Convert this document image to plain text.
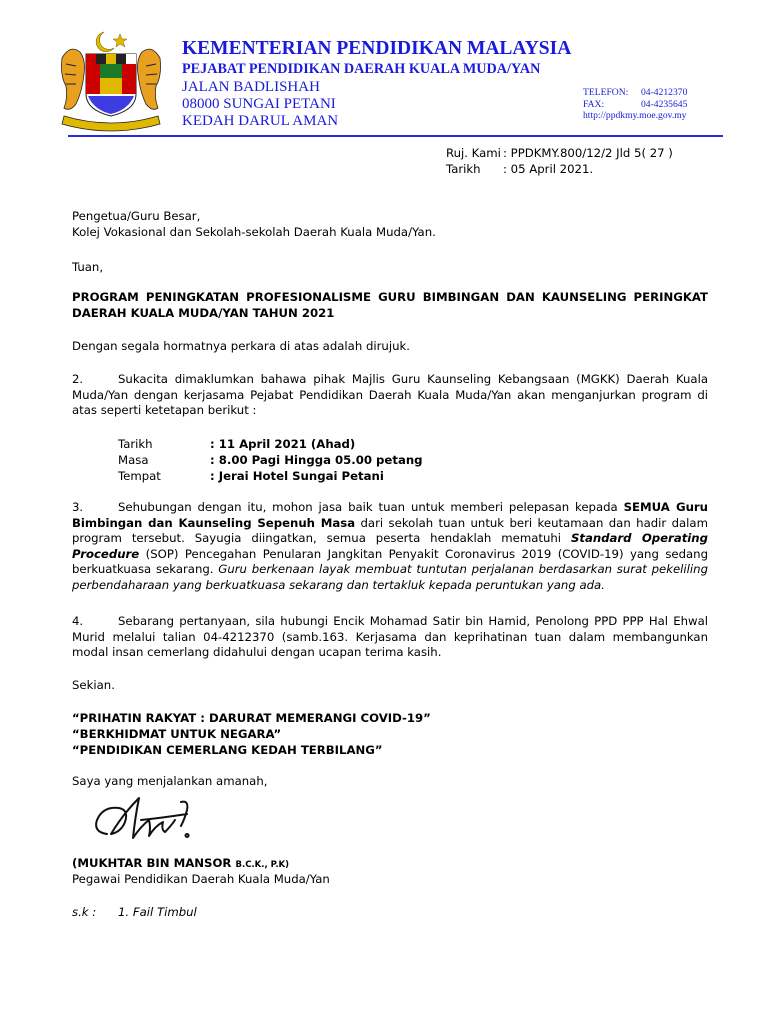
KEMENTERIAN PENDIDIKAN MALAYSIA
PEJABAT PENDIDIKAN DAERAH KUALA MUDA/YAN
JALAN BADLISHAH
08000 SUNGAI PETANI
KEDAH DARUL AMAN
TELEFON: 04-4212370
FAX:	04-4235645
http://ppdkmy.moe.gov.my
Ruj. Kami : PPDKMY.800/12/2 Jld 5( 27 )
Tarikh	: 05 April 2021.
Pengetua/Guru Besar,
Kolej Vokasional dan Sekolah-sekolah Daerah Kuala Muda/Yan.
Tuan,
PROGRAM PENINGKATAN PROFESIONALISME GURU BIMBINGAN DAN KAUNSELING PERINGKAT DAERAH KUALA MUDA/YAN TAHUN 2021
Dengan segala hormatnya perkara di atas adalah dirujuk.
2.	Sukacita dimaklumkan bahawa pihak Majlis Guru Kaunseling Kebangsaan (MGKK) Daerah Kuala Muda/Yan dengan kerjasama Pejabat Pendidikan Daerah Kuala Muda/Yan akan menganjurkan program di atas seperti ketetapan berikut :
Tarikh	: 11 April 2021 (Ahad)
Masa	: 8.00 Pagi Hingga 05.00 petang
Tempat	: Jerai Hotel Sungai Petani
3.	Sehubungan dengan itu, mohon jasa baik tuan untuk memberi pelepasan kepada SEMUA Guru Bimbingan dan Kaunseling Sepenuh Masa dari sekolah tuan untuk beri keutamaan dan hadir dalam program tersebut. Sayugia diingatkan, semua peserta hendaklah mematuhi Standard Operating Procedure (SOP) Pencegahan Penularan Jangkitan Penyakit Coronavirus 2019 (COVID-19) yang sedang berkuatkuasa sekarang. Guru berkenaan layak membuat tuntutan perjalanan berdasarkan surat pekeliling perbendaharaan yang berkuatkuasa sekarang dan tertakluk kepada peruntukan yang ada.
4.	Sebarang pertanyaan, sila hubungi Encik Mohamad Satir bin Hamid, Penolong PPD PPP Hal Ehwal Murid melalui talian 04-4212370 (samb.163. Kerjasama dan keprihatinan tuan dalam membangunkan modal insan cemerlang didahului dengan ucapan terima kasih.
Sekian.
“PRIHATIN RAKYAT : DARURAT MEMERANGI COVID-19”
“BERKHIDMAT UNTUK NEGARA”
“PENDIDIKAN CEMERLANG KEDAH TERBILANG”
Saya yang menjalankan amanah,
(MUKHTAR BIN MANSOR B.C.K., P.K)
Pegawai Pendidikan Daerah Kuala Muda/Yan
s.k : 1. Fail Timbul
